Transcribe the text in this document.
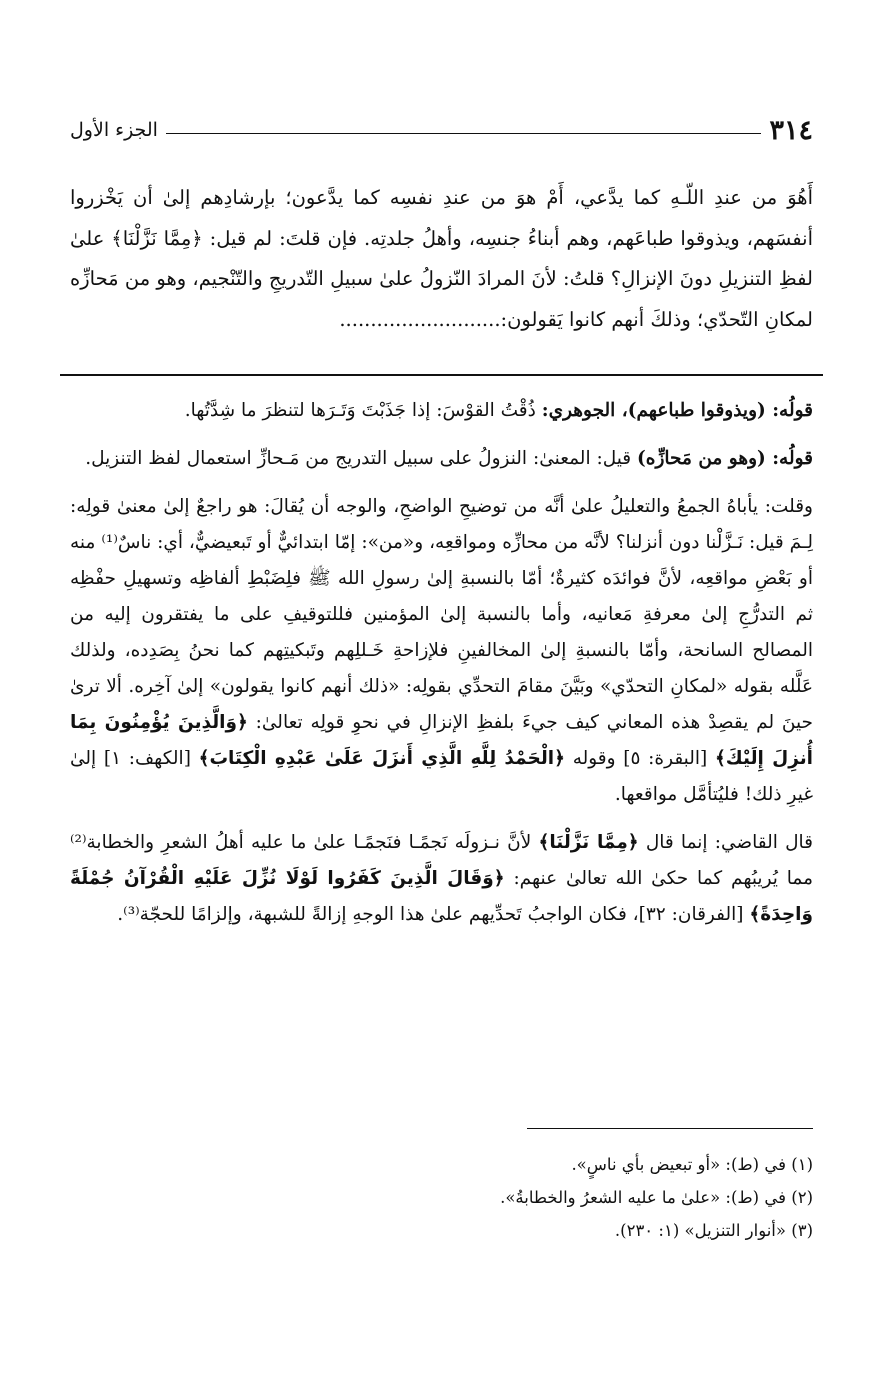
٣١٤
الجزء الأول

أَهُوَ من عندِ اللّـهِ كما يدَّعي، أَمْ هوَ من عندِ نفسِه كما يدَّعون؛ بإرشادِهم إلىٰ أن يَخْزروا أنفسَهم، ويذوقوا طباعَهم، وهم أبناءُ جنسِه، وأهلُ جلدتِه. فإن قلتَ: لم قيل: ﴿مِمَّا نَزَّلْنَا﴾ علىٰ لفظِ التنزيلِ دونَ الإنزالِ؟ قلتُ: لأنَ المرادَ النّزولُ علىٰ سبيلِ التّدريجِ والتّنْجيم، وهو من مَحازِّه لمكانِ التّحدّي؛ وذلكَ أنهم كانوا يَقولون:..........................

قولُه: (ويذوقوا طباعهم)، الجوهري: ذُقْتُ القوْسَ: إذا جَذَبْتَ وَتَـرَها لتنظرَ ما شِدَّتُها.

قولُه: (وهو من مَحازِّه) قيل: المعنىٰ: النزولُ على سبيل التدريج من مَـحازِّ استعمال لفظ التنزيل.

وقلت: يأباهُ الجمعُ والتعليلُ علىٰ أنَّه من توضيحِ الواضحِ، والوجه أن يُقالَ: هو راجعٌ إلىٰ معنىٰ قولِه: لِـمَ قيل: نَـزَّلْنا دون أنزلنا؟ لأنَّه من محازِّه ومواقعِه، و«من»: إمّا ابتدائيٌّ أو تَبعيضيٌّ، أي: ناسٌ⁽¹⁾ منه أو بَعْضِ مواقعِه، لأنَّ فوائدَه كثيرةٌ؛ أمّا بالنسبةِ إلىٰ رسولِ الله ﷺ فلِضَبْطِ ألفاظِه وتسهيلِ حفْظِه ثم التدرُّجِ إلىٰ معرفةِ مَعانيه، وأما بالنسبة إلىٰ المؤمنين فللتوقيفِ على ما يفتقرون إليه من المصالح السانحة، وأمّا بالنسبةِ إلىٰ المخالفينِ فلإزاحةِ خَـللِهم وتَبكيتِهم كما نحنُ بِصَدِده، ولذلك عَلَّله بقوله «لمكانِ التحدّي» وبَيَّنَ مقامَ التحدِّي بقولِه: «ذلك أنهم كانوا يقولون» إلىٰ آخِره. ألا ترىٰ حينَ لم يقصِدْ هذه المعاني كيف جيءَ بلفظِ الإنزالِ في نحوِ قولِه تعالىٰ: ﴿وَالَّذِينَ يُؤْمِنُونَ بِمَا أُنزِلَ إِلَيْكَ﴾ [البقرة: ٥] وقوله ﴿الْحَمْدُ لِلَّهِ الَّذِي أَنزَلَ عَلَىٰ عَبْدِهِ الْكِتَابَ﴾ [الكهف: ١] إلىٰ غيرِ ذلك! فليُتأمَّل مواقعها.

قال القاضي: إنما قال ﴿مِمَّا نَزَّلْنَا﴾ لأنَّ نـزولَه نَجمًـا فنَجمًـا علىٰ ما عليه أهلُ الشعرِ والخطابة⁽²⁾ مما يُريبُهم كما حكىٰ الله تعالىٰ عنهم: ﴿وَقَالَ الَّذِينَ كَفَرُوا لَوْلَا نُزِّلَ عَلَيْهِ الْقُرْآنُ جُمْلَةً وَاحِدَةً﴾ [الفرقان: ٣٢]، فكان الواجبُ تَحدِّيهم علىٰ هذا الوجهِ إزالةً للشبهة، وإلزامًا للحجّة⁽³⁾.

(١) في (ط): «أو تبعيض بأي ناسٍ».

(٢) في (ط): «علىٰ ما عليه الشعرُ والخطابةُ».

(٣) «أنوار التنزيل» (١: ٢٣٠).
